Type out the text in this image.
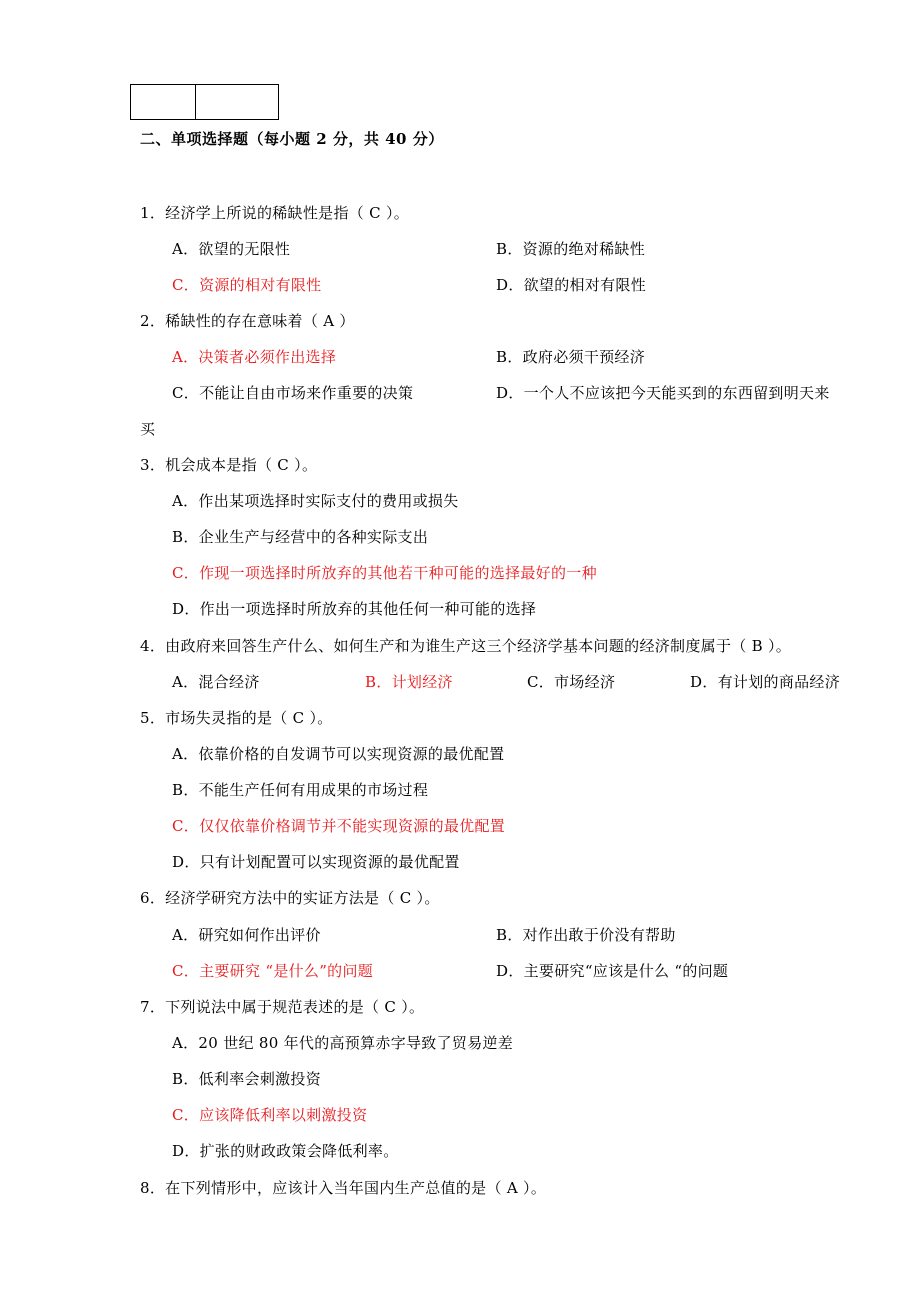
二、单项选择题（每小题 2 分，共 40 分）
1．经济学上所说的稀缺性是指（ C ）。
A．欲望的无限性	B．资源的绝对稀缺性
C．资源的相对有限性	D．欲望的相对有限性
2．稀缺性的存在意味着（ A ）
A．决策者必须作出选择	B．政府必须干预经济
C．不能让自由市场来作重要的决策	D．一个人不应该把今天能买到的东西留到明天来
买
3．机会成本是指（ C ）。
A．作出某项选择时实际支付的费用或损失
B．企业生产与经营中的各种实际支出
C．作现一项选择时所放弃的其他若干种可能的选择最好的一种
D．作出一项选择时所放弃的其他任何一种可能的选择
4．由政府来回答生产什么、如何生产和为谁生产这三个经济学基本问题的经济制度属于（ B ）。
A．混合经济	B．计划经济	C．市场经济	D．有计划的商品经济
5．市场失灵指的是（ C ）。
A．依靠价格的自发调节可以实现资源的最优配置
B．不能生产任何有用成果的市场过程
C．仅仅依靠价格调节并不能实现资源的最优配置
D．只有计划配置可以实现资源的最优配置
6．经济学研究方法中的实证方法是（ C ）。
A．研究如何作出评价	B．对作出敢于价没有帮助
C．主要研究 “是什么”的问题	D．主要研究“应该是什么 “的问题
7．下列说法中属于规范表述的是（ C ）。
A．20 世纪 80 年代的高预算赤字导致了贸易逆差
B．低利率会刺激投资
C．应该降低利率以刺激投资
D．扩张的财政政策会降低利率。
8．在下列情形中，应该计入当年国内生产总值的是（ A ）。
